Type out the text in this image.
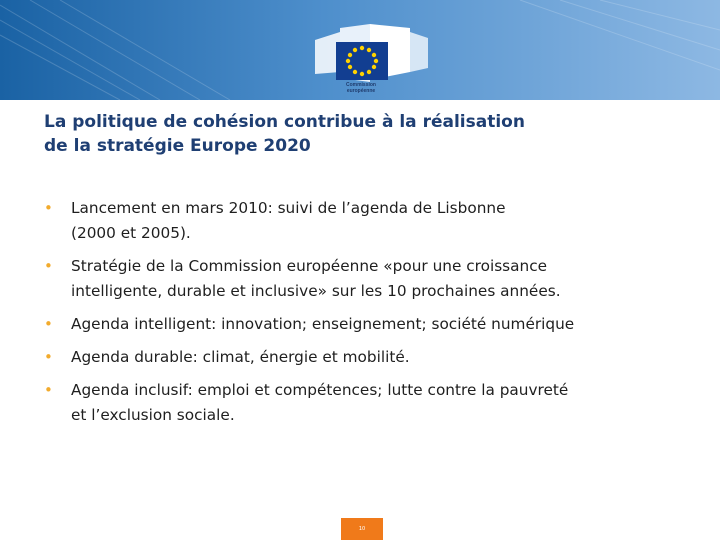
Commission
européenne
La politique de cohésion contribue à la réalisation
de la stratégie Europe 2020
• Lancement en mars 2010: suivi de l’agenda de Lisbonne
(2000 et 2005).
• Stratégie de la Commission européenne «pour une croissance
intelligente, durable et inclusive» sur les 10 prochaines années.
• Agenda intelligent: innovation; enseignement; société numérique
• Agenda durable: climat, énergie et mobilité.
• Agenda inclusif: emploi et compétences; lutte contre la pauvreté
et l’exclusion sociale.
10
